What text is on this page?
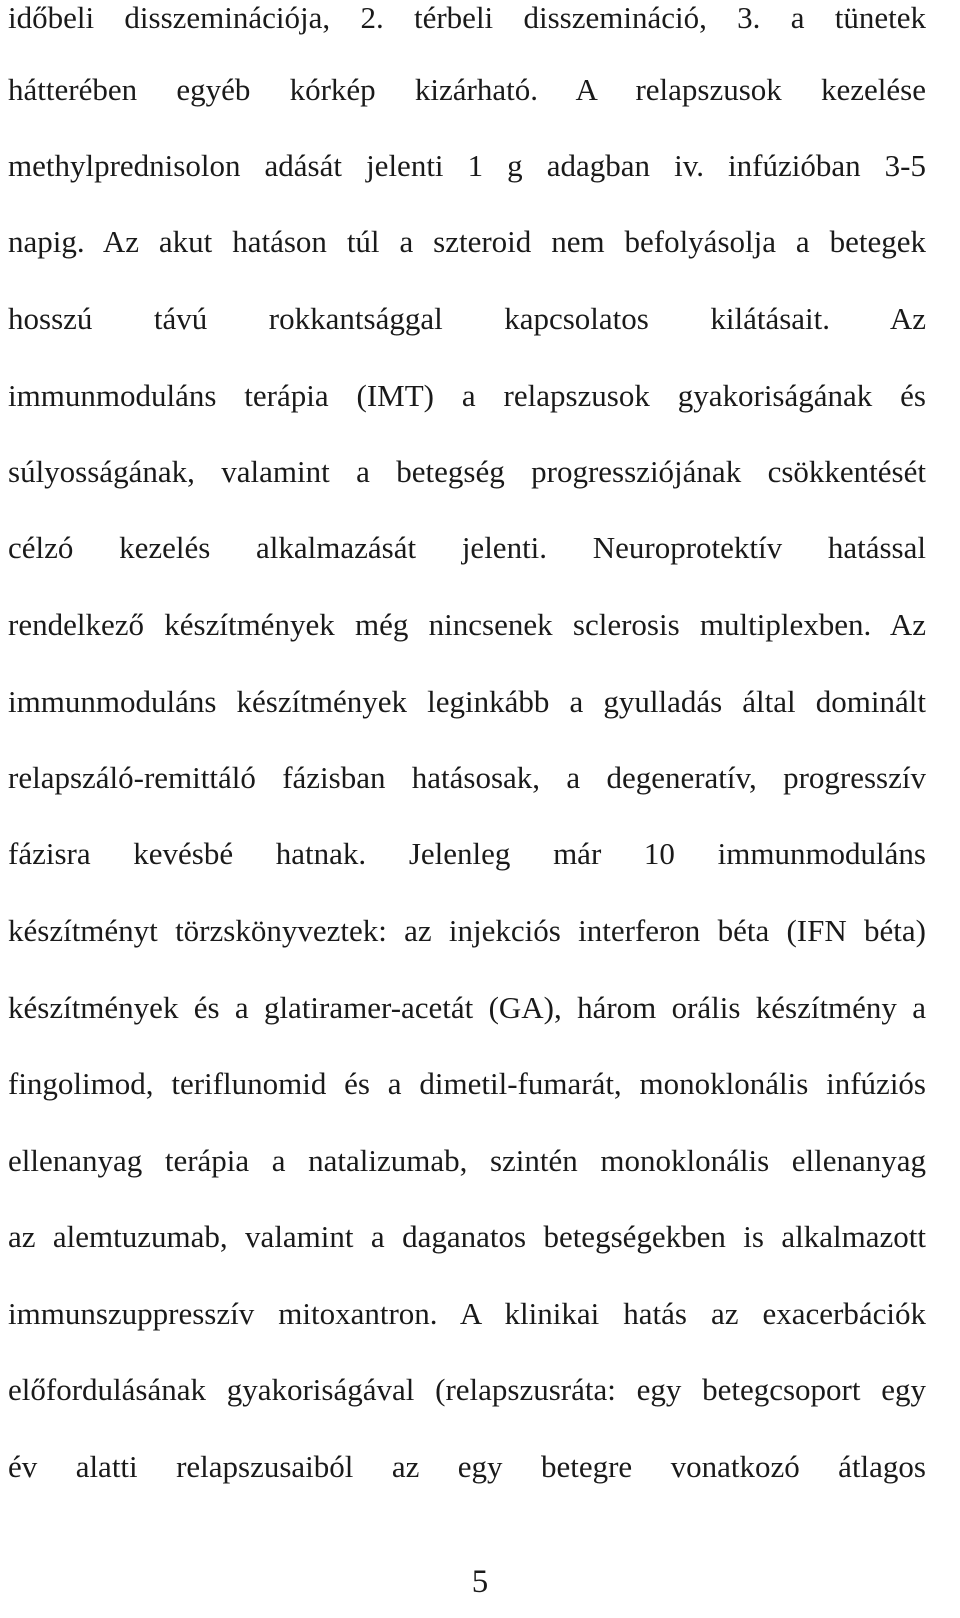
időbeli disszeminációja, 2. térbeli disszemináció, 3. a tünetek
hátterében egyéb kórkép kizárható. A relapszusok kezelése
methylprednisolon adását jelenti 1 g adagban iv. infúzióban 3-5
napig. Az akut hatáson túl a szteroid nem befolyásolja a betegek
hosszú távú rokkantsággal kapcsolatos kilátásait. Az
immunmoduláns terápia (IMT) a relapszusok gyakoriságának és
súlyosságának, valamint a betegség progressziójának csökkentését
célzó kezelés alkalmazását jelenti. Neuroprotektív hatással
rendelkező készítmények még nincsenek sclerosis multiplexben. Az
immunmoduláns készítmények leginkább a gyulladás által dominált
relapszáló-remittáló fázisban hatásosak, a degeneratív, progresszív
fázisra kevésbé hatnak. Jelenleg már 10 immunmoduláns
készítményt törzskönyveztek: az injekciós interferon béta (IFN béta)
készítmények és a glatiramer-acetát (GA), három orális készítmény a
fingolimod, teriflunomid és a dimetil-fumarát, monoklonális infúziós
ellenanyag terápia a natalizumab, szintén monoklonális ellenanyag
az alemtuzumab, valamint a daganatos betegségekben is alkalmazott
immunszuppresszív mitoxantron. A klinikai hatás az exacerbációk
előfordulásának gyakoriságával (relapszusráta: egy betegcsoport egy
év alatti relapszusaiból az egy betegre vonatkozó átlagos
5
